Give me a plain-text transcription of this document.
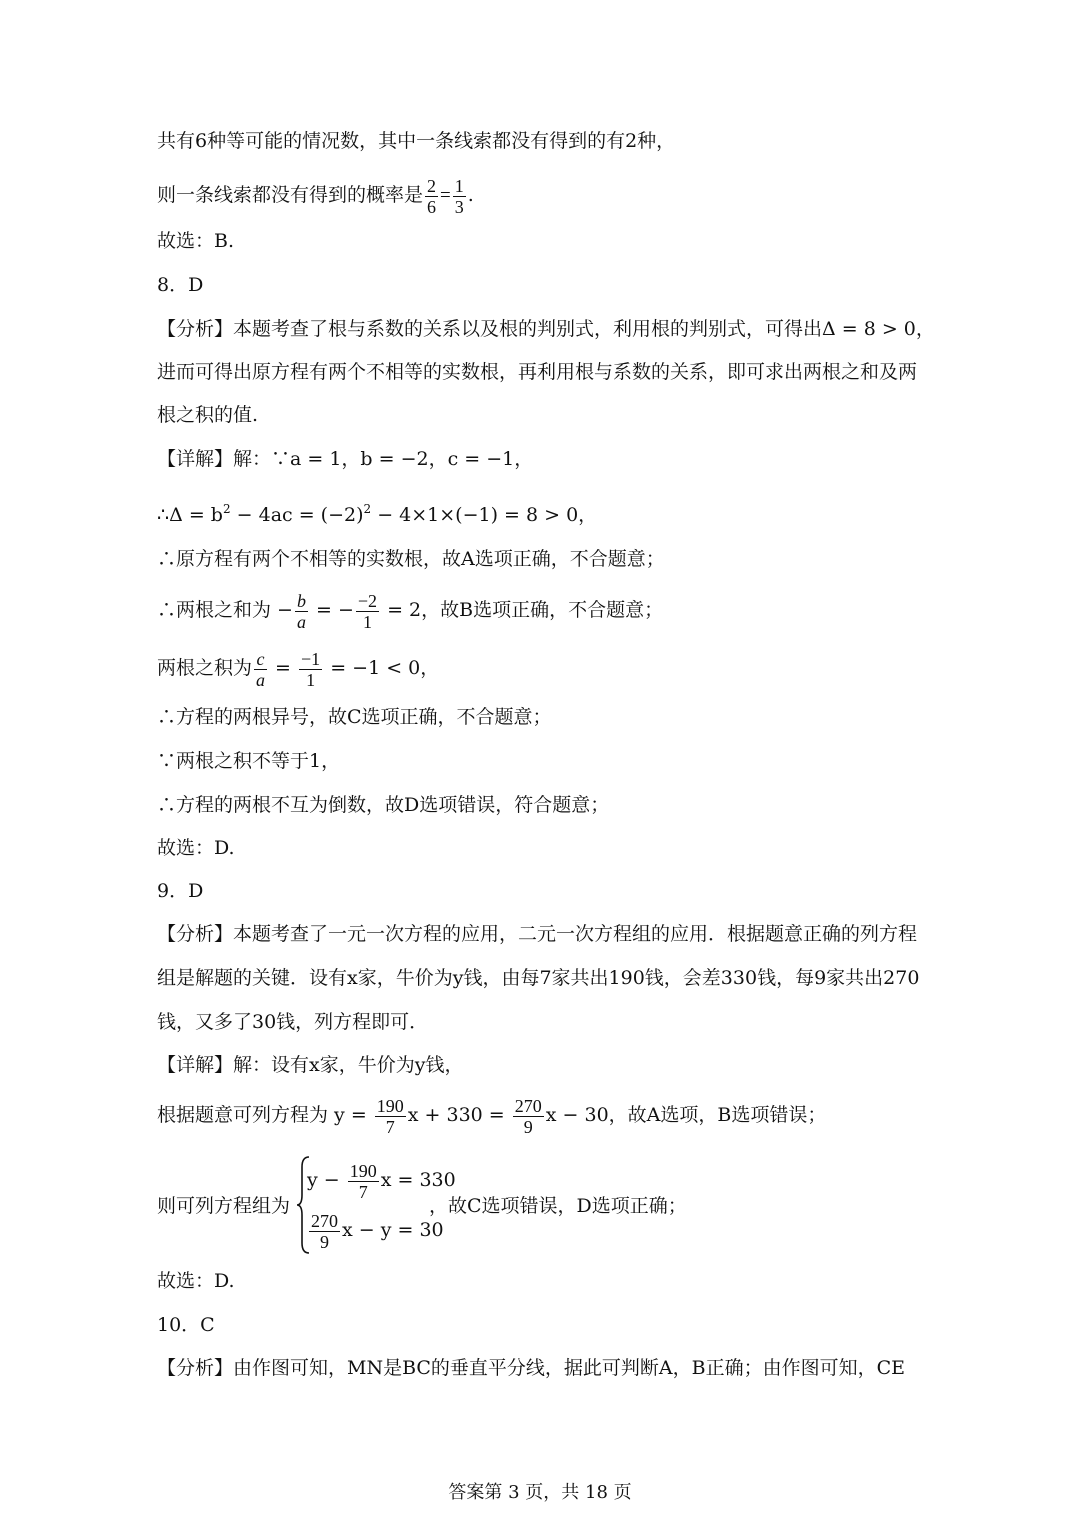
共有6种等可能的情况数，其中一条线索都没有得到的有2种，
则一条线索都没有得到的概率是 $\frac{2}{6} = \frac{1}{3}$ .
故选：B.
8．D
【分析】本题考查了根与系数的关系以及根的判别式，利用根的判别式，可得出Δ = 8 > 0，
进而可得出原方程有两个不相等的实数根，再利用根与系数的关系，即可求出两根之和及两
根之积的值.
【详解】解：∵a = 1，b = −2，c = −1，
∴Δ = $b^2 - 4ac = (-2)^2 - 4\times 1\times(-1) = 8 > 0$，
∴原方程有两个不相等的实数根，故A选项正确，不合题意；
∴两根之和为 − $\frac{b}{a}$ = − $\frac{-2}{1} = 2$，故B选项正确，不合题意；
两根之积为 $\frac{c}{a} = \frac{-1}{1} = -1 < 0$，
∴方程的两根异号，故C选项正确，不合题意；
∵两根之积不等于1，
∴方程的两根不互为倒数，故D选项错误，符合题意；
故选：D.
9．D
【分析】本题考查了一元一次方程的应用，二元一次方程组的应用．根据题意正确的列方程
组是解题的关键．设有x家，牛价为y钱，由每7家共出190钱，会差330钱，每9家共出270
钱，又多了30钱，列方程即可．
【详解】解：设有x家，牛价为y钱，
根据题意可列方程为 $y = \frac{190}{7}$ $x + 330 = \frac{270}{9}$ x − 30，故A选项，B选项错误；
则可列方程组为
$y - \frac{190}{7}$ x = 330
$\frac{270}{9}$ x − y = 30
，故C选项错误，D选项正确；
故选：D.
10．C
【分析】由作图可知，MN是BC的垂直平分线，据此可判断A，B正确；由作图可知，CE
答案第 3 页，共 18 页
